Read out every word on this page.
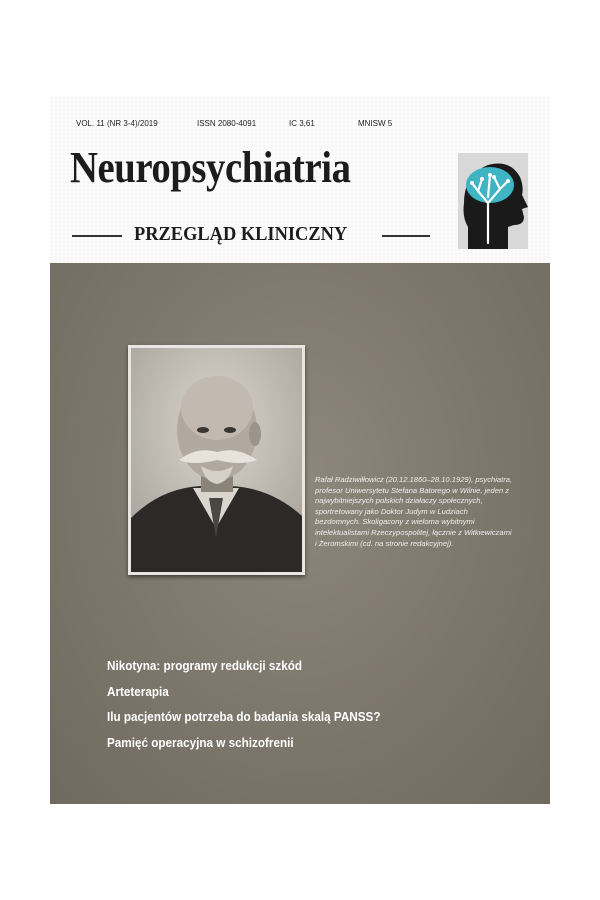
VOL. 11 (NR 3-4)/2019	ISSN 2080-4091	IC 3,61	MNISW 5
Neuropsychiatria
PRZEGLĄD KLINICZNY
Rafał Radziwiłłowicz (20.12.1860–28.10.1929), psychiatra, profesor Uniwersytetu Stefana Batorego w Wilnie, jeden z najwybitniejszych polskich działaczy społecznych, sportretowany jako Doktor Judym w Ludziach bezdomnych. Skoligacony z wieloma wybitnymi intelektualistami Rzeczypospolitej, łącznie z Witkiewiczami i Żeromskimi (cd. na stronie redakcyjnej).
Nikotyna: programy redukcji szkód
Arteterapia
Ilu pacjentów potrzeba do badania skalą PANSS?
Pamięć operacyjna w schizofrenii
